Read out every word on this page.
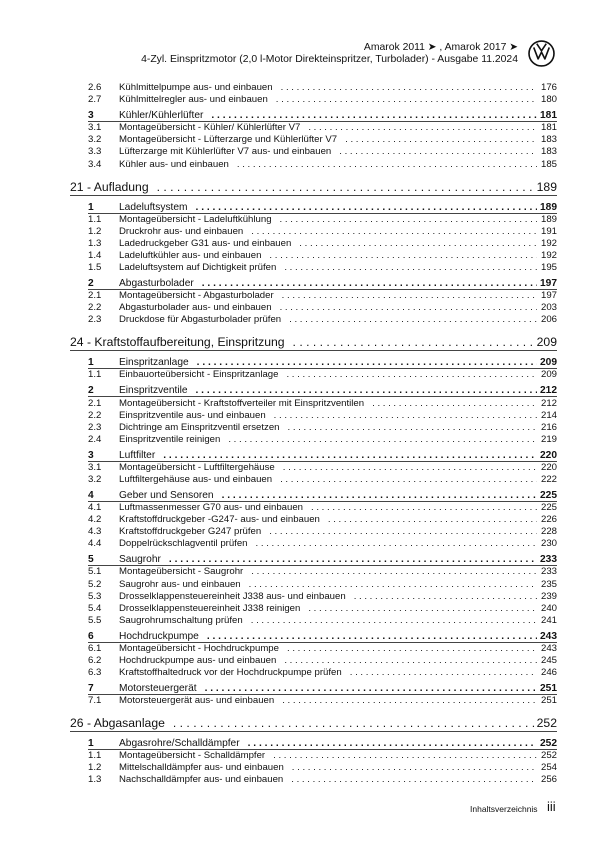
Amarok 2011 ➤ , Amarok 2017 ➤
4-Zyl. Einspritzmotor (2,0 l-Motor Direkteinspritzer, Turbolader) - Ausgabe 11.2024
2.6	Kühlmittelpumpe aus- und einbauen . . .	176
2.7	Kühlmittelregler aus- und einbauen . . .	180
3	Kühler/Kühlerlüfter . . .	181
3.1	Montageübersicht - Kühler/ Kühlerlüfter V7 . . .	181
3.2	Montageübersicht - Lüfterzarge und Kühlerlüfter V7 . . .	183
3.3	Lüfterzarge mit Kühlerlüfter V7 aus- und einbauen . . .	183
3.4	Kühler aus- und einbauen . . .	185
21 - Aufladung . . .	189
1	Ladeluftsystem . . .	189
1.1	Montageübersicht - Ladeluftkühlung . . .	189
1.2	Druckrohr aus- und einbauen . . .	191
1.3	Ladedruckgeber G31 aus- und einbauen . . .	192
1.4	Ladeluftkühler aus- und einbauen . . .	192
1.5	Ladeluftsystem auf Dichtigkeit prüfen . . .	195
2	Abgasturbolader . . .	197
2.1	Montageübersicht - Abgasturbolader . . .	197
2.2	Abgasturbolader aus- und einbauen . . .	203
2.3	Druckdose für Abgasturbolader prüfen . . .	206
24 - Kraftstoffaufbereitung, Einspritzung . . .	209
1	Einspritzanlage . . .	209
1.1	Einbauorteübersicht - Einspritzanlage . . .	209
2	Einspritzventile . . .	212
2.1	Montageübersicht - Kraftstoffverteiler mit Einspritzventilen . . .	212
2.2	Einspritzventile aus- und einbauen . . .	214
2.3	Dichtringe am Einspritzventil ersetzen . . .	216
2.4	Einspritzventile reinigen . . .	219
3	Luftfilter . . .	220
3.1	Montageübersicht - Luftfiltergehäuse . . .	220
3.2	Luftfiltergehäuse aus- und einbauen . . .	222
4	Geber und Sensoren . . .	225
4.1	Luftmassenmesser G70 aus- und einbauen . . .	225
4.2	Kraftstoffdruckgeber -G247- aus- und einbauen . . .	226
4.3	Kraftstoffdruckgeber G247 prüfen . . .	228
4.4	Doppelrückschlagventil prüfen . . .	230
5	Saugrohr . . .	233
5.1	Montageübersicht - Saugrohr . . .	233
5.2	Saugrohr aus- und einbauen . . .	235
5.3	Drosselklappensteuereinheit J338 aus- und einbauen . . .	239
5.4	Drosselklappensteuereinheit J338 reinigen . . .	240
5.5	Saugrohrumschaltung prüfen . . .	241
6	Hochdruckpumpe . . .	243
6.1	Montageübersicht - Hochdruckpumpe . . .	243
6.2	Hochdruckpumpe aus- und einbauen . . .	245
6.3	Kraftstoffhaltedruck vor der Hochdruckpumpe prüfen . . .	246
7	Motorsteuergerät . . .	251
7.1	Motorsteuergerät aus- und einbauen . . .	251
26 - Abgasanlage . . .	252
1	Abgasrohre/Schalldämpfer . . .	252
1.1	Montageübersicht - Schalldämpfer . . .	252
1.2	Mittelschalldämpfer aus- und einbauen . . .	254
1.3	Nachschalldämpfer aus- und einbauen . . .	256
Inhaltsverzeichnis iii
